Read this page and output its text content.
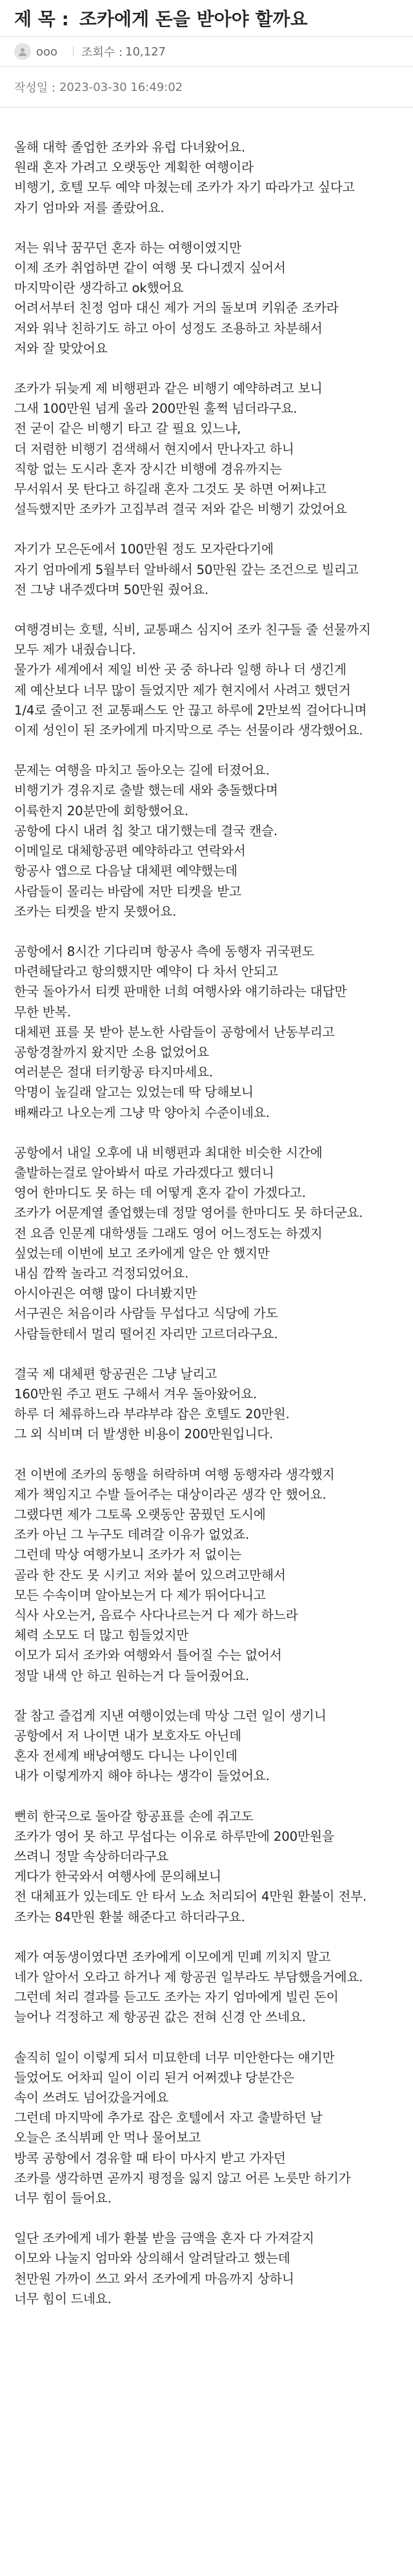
제 목 : 조카에게 돈을 받아야 할까요
ooo 조회수 : 10,127
작성일 : 2023-03-30 16:49:02
올해 대학 졸업한 조카와 유럽 다녀왔어요.
원래 혼자 가려고 오랫동안 계획한 여행이라
비행기, 호텔 모두 예약 마쳤는데 조카가 자기 따라가고 싶다고
자기 엄마와 저를 졸랐어요.
저는 워낙 꿈꾸던 혼자 하는 여행이였지만
이제 조카 취업하면 같이 여행 못 다니겠지 싶어서
마지막이란 생각하고 ok했어요
어려서부터 친정 엄마 대신 제가 거의 돌보며 키워준 조카라
저와 워낙 친하기도 하고 아이 성정도 조용하고 차분해서
저와 잘 맞았어요
조카가 뒤늦게 제 비행편과 같은 비행기 예약하려고 보니
그새 100만원 넘게 올라 200만원 훌쩍 넘더라구요.
전 굳이 같은 비행기 타고 갈 필요 있느냐,
더 저렴한 비행기 검색해서 현지에서 만나자고 하니
직항 없는 도시라 혼자 장시간 비행에 경유까지는
무서워서 못 탄다고 하길래 혼자 그것도 못 하면 어쩌냐고
설득했지만 조카가 고집부려 결국 저와 같은 비행기 갔었어요
자기가 모은돈에서 100만원 정도 모자란다기에
자기 엄마에게 5월부터 알바해서 50만원 갚는 조건으로 빌리고
전 그냥 내주겠다며 50만원 줬어요.
여행경비는 호텔, 식비, 교통패스 심지어 조카 친구들 줄 선물까지
모두 제가 내줬습니다.
물가가 세계에서 제일 비싼 곳 중 하나라 일행 하나 더 생긴게
제 예산보다 너무 많이 들었지만 제가 현지에서 사려고 했던거
1/4로 줄이고 전 교통패스도 안 끊고 하루에 2만보씩 걸어다니며
이제 성인이 된 조카에게 마지막으로 주는 선물이라 생각했어요.
문제는 여행을 마치고 돌아오는 길에 터졌어요.
비행기가 경유지로 출발 했는데 새와 충돌했다며
이륙한지 20분만에 회항했어요.
공항에 다시 내려 칩 찾고 대기했는데 결국 캔슬.
이메일로 대체항공편 예약하라고 연락와서
항공사 앱으로 다음날 대체편 예약했는데
사람들이 몰리는 바람에 저만 티켓을 받고
조카는 티켓을 받지 못했어요.
공항에서 8시간 기다리며 항공사 측에 동행자 귀국편도
마련해달라고 항의했지만 예약이 다 차서 안되고
한국 돌아가서 티켓 판매한 너희 여행사와 얘기하라는 대답만
무한 반복.
대체편 표를 못 받아 분노한 사람들이 공항에서 난동부리고
공항경찰까지 왔지만 소용 없었어요
여러분은 절대 터키항공 타지마세요.
악명이 높길래 알고는 있었는데 딱 당해보니
배째라고 나오는게 그냥 막 양아치 수준이네요.
공항에서 내일 오후에 내 비행편과 최대한 비슷한 시간에
출발하는걸로 알아봐서 따로 가라겠다고 했더니
영어 한마디도 못 하는 데 어떻게 혼자 같이 가겠다고.
조카가 어문계열 졸업했는데 정말 영어를 한마디도 못 하더군요.
전 요즘 인문계 대학생들 그래도 영어 어느정도는 하겠지
싶었는데 이번에 보고 조카에게 알은 안 했지만
내심 깜짝 놀라고 걱정되었어요.
아시아권은 여행 많이 다녀봤지만
서구권은 처음이라 사람들 무섭다고 식당에 가도
사람들한테서 멀리 떨어진 자리만 고르더라구요.
결국 제 대체편 항공권은 그냥 날리고
160만원 주고 편도 구해서 겨우 돌아왔어요.
하루 더 체류하느라 부랴부랴 잡은 호텔도 20만원.
그 외 식비며 더 발생한 비용이 200만원입니다.
전 이번에 조카의 동행을 허락하며 여행 동행자라 생각했지
제가 책임지고 수발 들어주는 대상이라곤 생각 안 했어요.
그랬다면 제가 그토록 오랫동안 꿈꿨던 도시에
조카 아닌 그 누구도 데려갈 이유가 없었죠.
그런데 막상 여행가보니 조카가 저 없이는
골라 한 잔도 못 시키고 저와 붙어 있으려고만해서
모든 수속이며 알아보는거 다 제가 뛰어다니고
식사 사오는거, 음료수 사다나르는거 다 제가 하느라
체력 소모도 더 많고 힘들었지만
이모가 되서 조카와 여행와서 틀어질 수는 없어서
정말 내색 안 하고 원하는거 다 들어줬어요.
잘 참고 즐겁게 지낸 여행이었는데 막상 그런 일이 생기니
공항에서 저 나이면 내가 보호자도 아닌데
혼자 전세계 배낭여행도 다니는 나이인데
내가 이렇게까지 해야 하나는 생각이 들었어요.
뻔히 한국으로 돌아갈 항공표를 손에 쥐고도
조카가 영어 못 하고 무섭다는 이유로 하루만에 200만원을
쓰려니 정말 속상하더라구요
게다가 한국와서 여행사에 문의해보니
전 대체표가 있는데도 안 타서 노쇼 처리되어 4만원 환불이 전부.
조카는 84만원 환불 해준다고 하더라구요.
제가 여동생이였다면 조카에게 이모에게 민폐 끼치지 말고
네가 알아서 오라고 하거나 제 항공권 일부라도 부담했을거에요.
그런데 처리 결과를 듣고도 조카는 자기 엄마에게 빌린 돈이
늘어나 걱정하고 제 항공권 값은 전혀 신경 안 쓰네요.
솔직히 일이 이렇게 되서 미묘한데 너무 미안한다는 얘기만
들었어도 어차피 일이 이리 된거 어쩌겠냐 당분간은
속이 쓰려도 넘어갔을거에요
그런데 마지막에 추가로 잡은 호텔에서 자고 출발하던 날
오늘은 조식뷔페 안 먹나 물어보고
방콕 공항에서 경유할 때 타이 마사지 받고 가자던
조카를 생각하면 곧까지 평정을 잃지 않고 어른 노릇만 하기가
너무 힘이 들어요.
일단 조카에게 네가 환불 받을 금액을 혼자 다 가져갈지
이모와 나눌지 엄마와 상의해서 알려달라고 했는데
천만원 가까이 쓰고 와서 조카에게 마음까지 상하니
너무 힘이 드네요.
